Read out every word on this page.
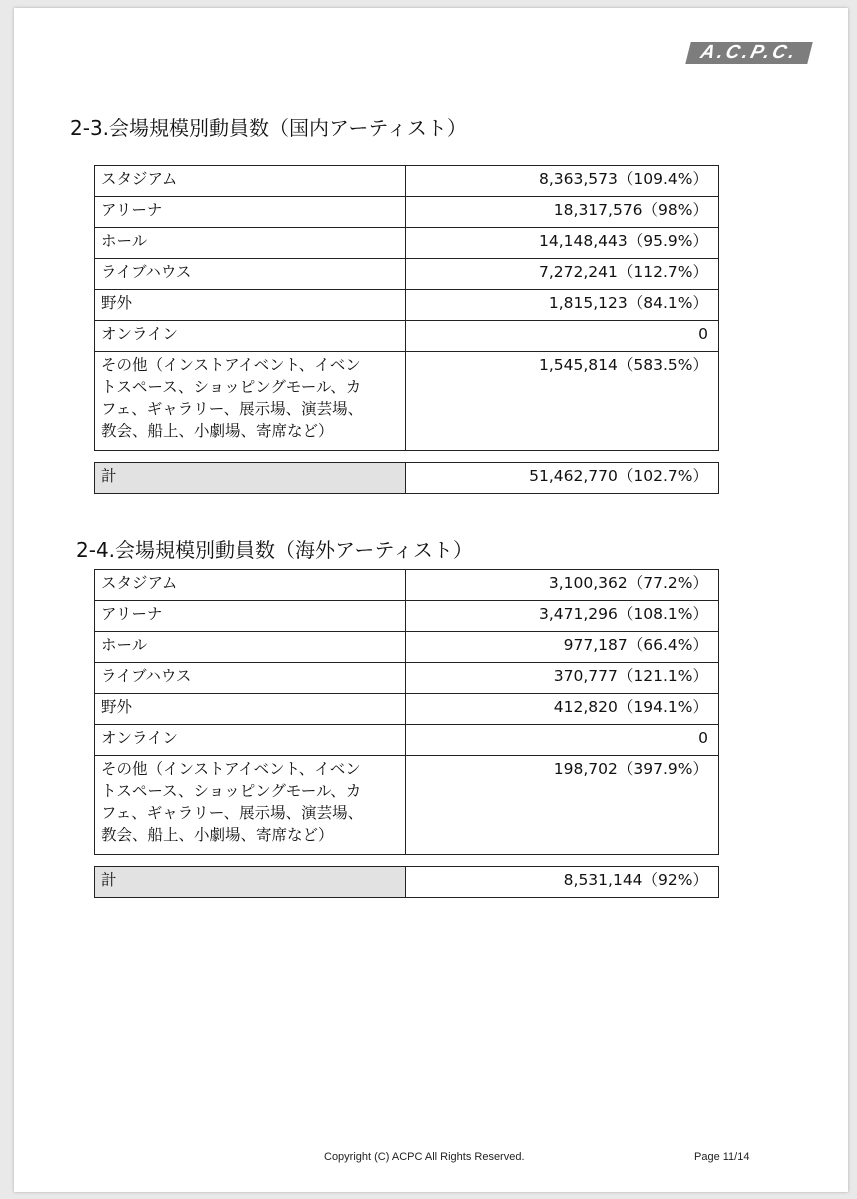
A.C.P.C.
2-3.会場規模別動員数（国内アーティスト）
スタジアム	8,363,573（109.4%）
アリーナ	18,317,576（98%）
ホール	14,148,443（95.9%）
ライブハウス	7,272,241（112.7%）
野外	1,815,123（84.1%）
オンライン	0

その他（インストアイベント、イベン
トスペース、ショッピングモール、カ
フェ、ギャラリー、展示場、演芸場、
教会、船上、小劇場、寄席など）	1,545,814（583.5%）
計	51,462,770（102.7%）
2-4.会場規模別動員数（海外アーティスト）
スタジアム	3,100,362（77.2%）
アリーナ	3,471,296（108.1%）
ホール	977,187（66.4%）
ライブハウス	370,777（121.1%）
野外	412,820（194.1%）
オンライン	0

その他（インストアイベント、イベン
トスペース、ショッピングモール、カ
フェ、ギャラリー、展示場、演芸場、
教会、船上、小劇場、寄席など）	198,702（397.9%）
計	8,531,144（92%）
Copyright (C) ACPC All Rights Reserved.	Page 11/14
